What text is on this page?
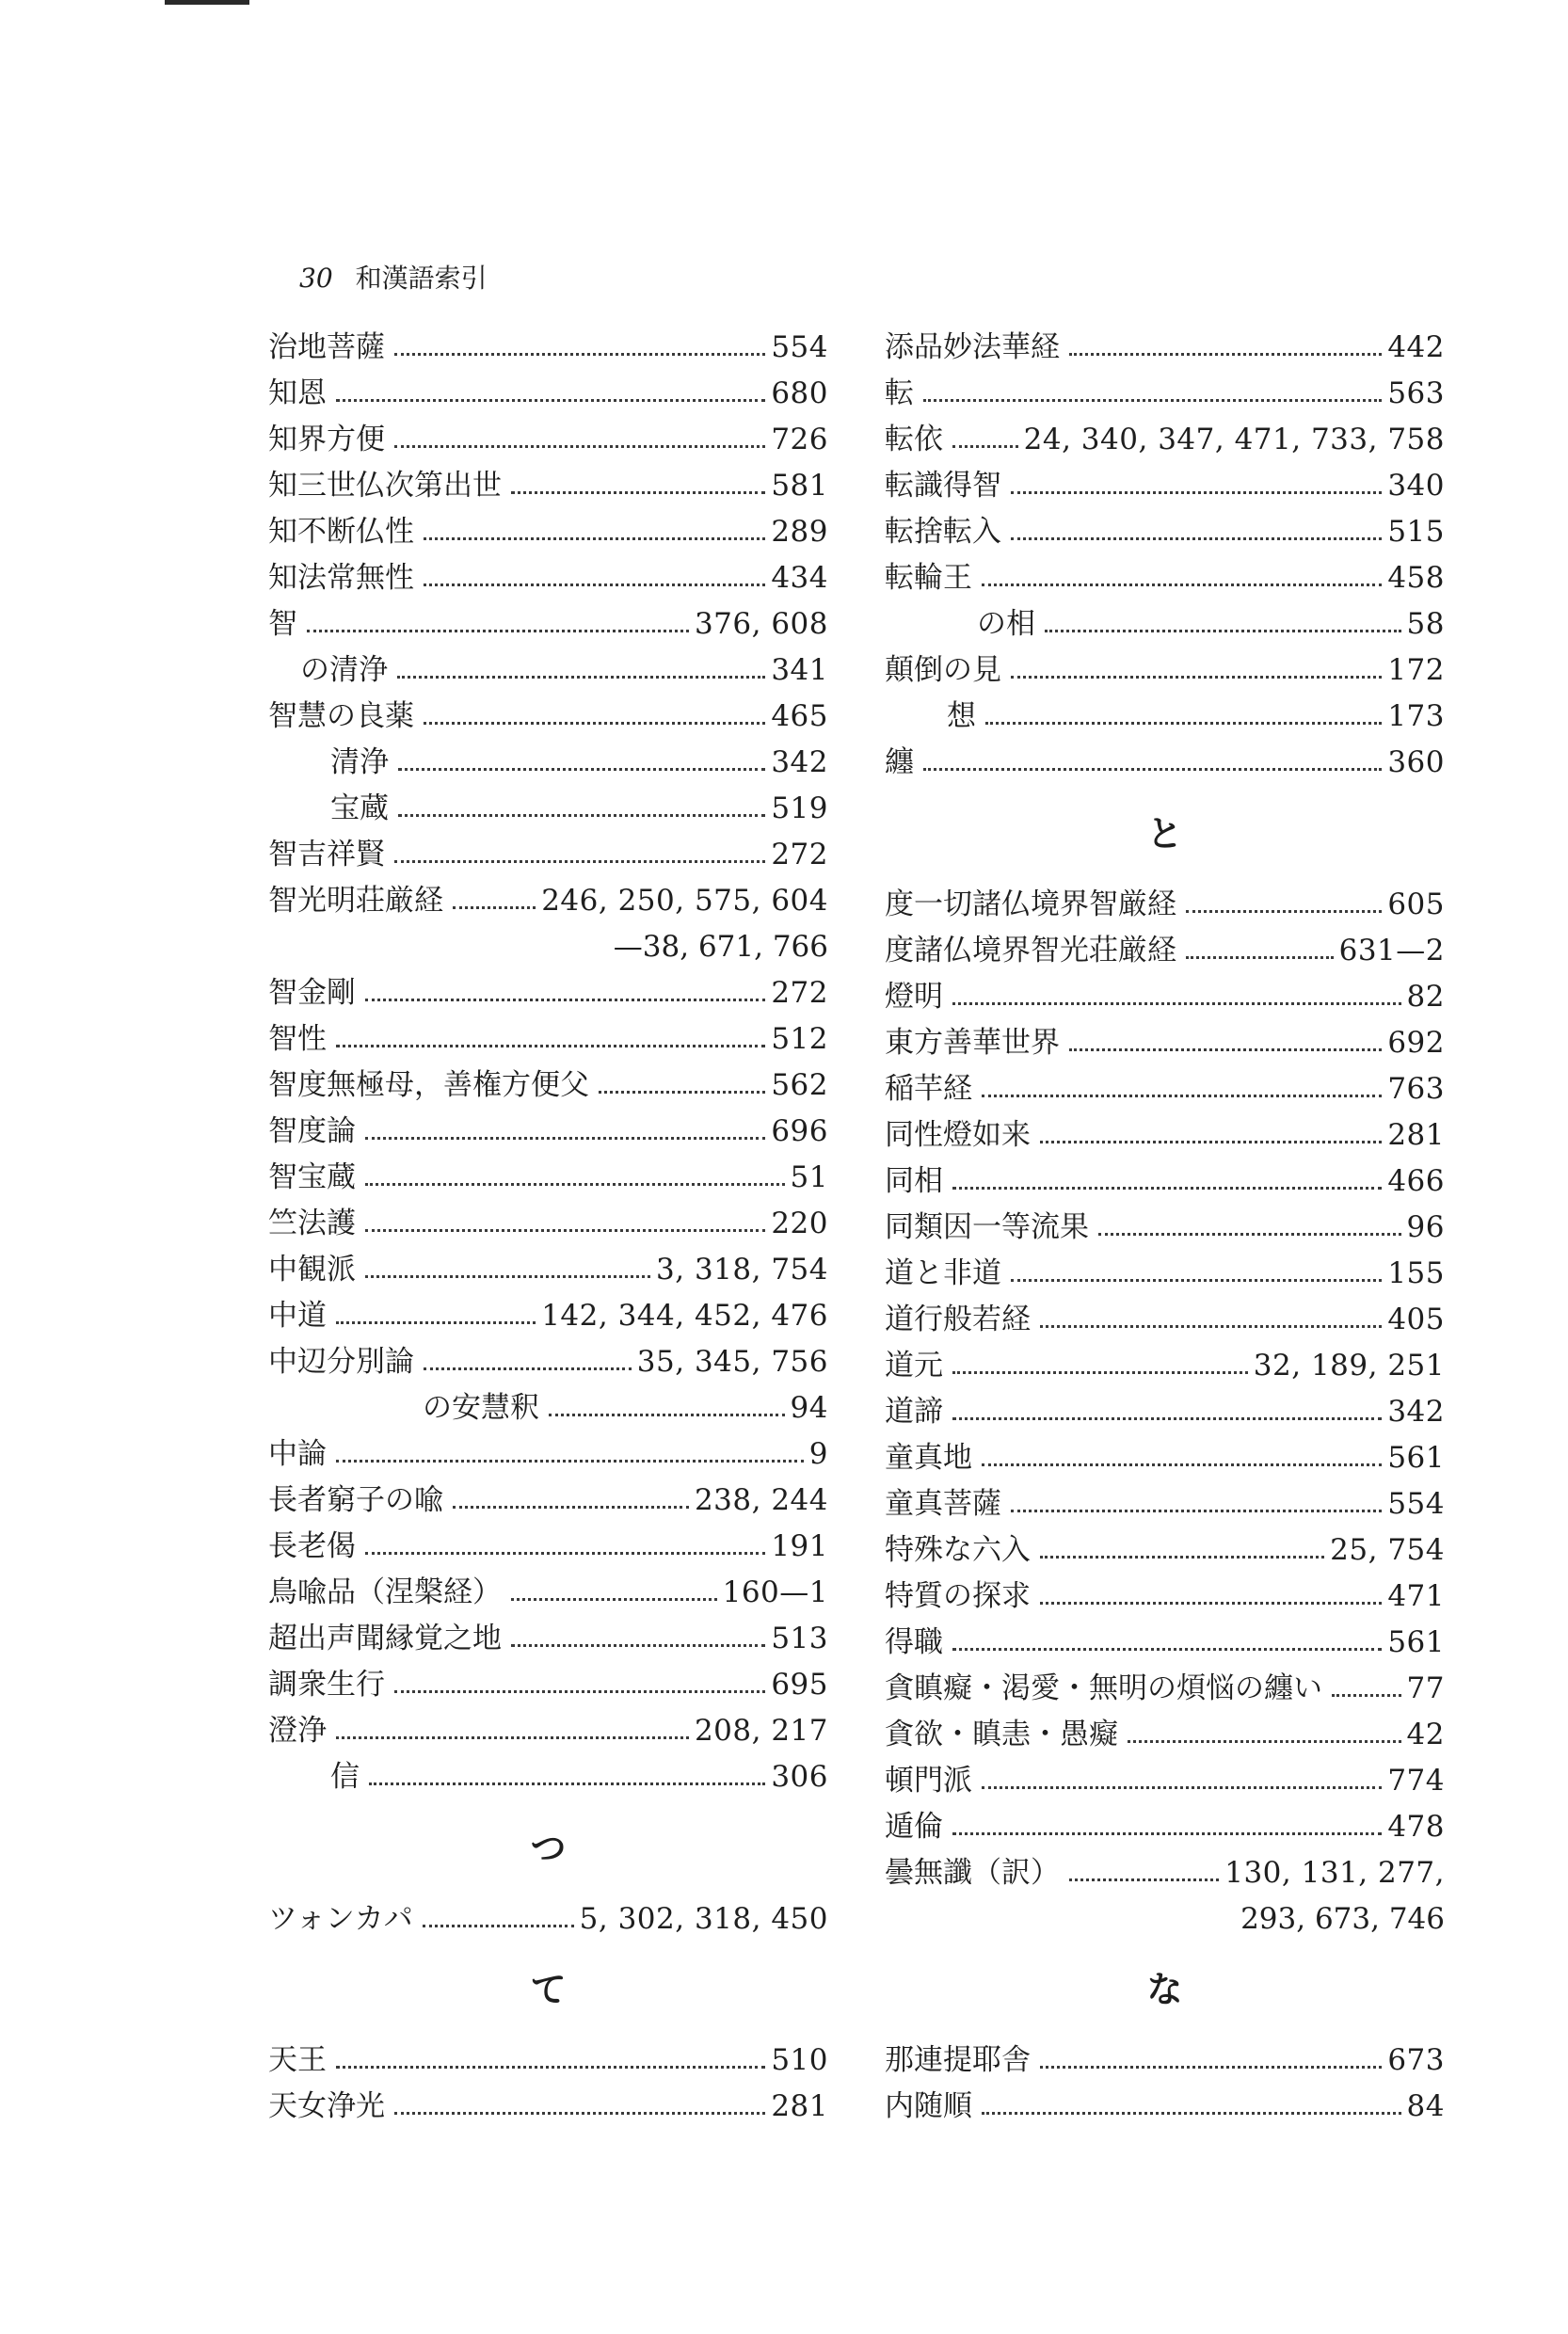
30 和漢語索引
治地菩薩	554
知恩	680
知界方便	726
知三世仏次第出世	581
知不断仏性	289
知法常無性	434
智	376, 608
の清浄	341
智慧の良薬	465
清浄	342
宝蔵	519
智吉祥賢	272
智光明荘厳経	246, 250, 575, 604
—38, 671, 766
智金剛	272
智性	512
智度無極母，善権方便父	562
智度論	696
智宝蔵	51
竺法護	220
中観派	3, 318, 754
中道	142, 344, 452, 476
中辺分別論	35, 345, 756
の安慧釈	94
中論	9
長者窮子の喩	238, 244
長老偈	191
鳥喩品（涅槃経）	160—1
超出声聞縁覚之地	513
調衆生行	695
澄浄	208, 217
信	306
つ
ツォンカパ	5, 302, 318, 450
て
天王	510
天女浄光	281
添品妙法華経	442
転	563
転依	24, 340, 347, 471, 733, 758
転識得智	340
転捨転入	515
転輪王	458
の相	58
顛倒の見	172
想	173
纏	360
と
度一切諸仏境界智厳経	605
度諸仏境界智光荘厳経	631—2
燈明	82
東方善華世界	692
稲芉経	763
同性燈如来	281
同相	466
同類因一等流果	96
道と非道	155
道行般若経	405
道元	32, 189, 251
道諦	342
童真地	561
童真菩薩	554
特殊な六入	25, 754
特質の探求	471
得職	561
貪瞋癡・渇愛・無明の煩悩の纏い	77
貪欲・瞋恚・愚癡	42
頓門派	774
遁倫	478
曇無讖（訳）	130, 131, 277,
293, 673, 746
な
那連提耶舎	673
内随順	84
